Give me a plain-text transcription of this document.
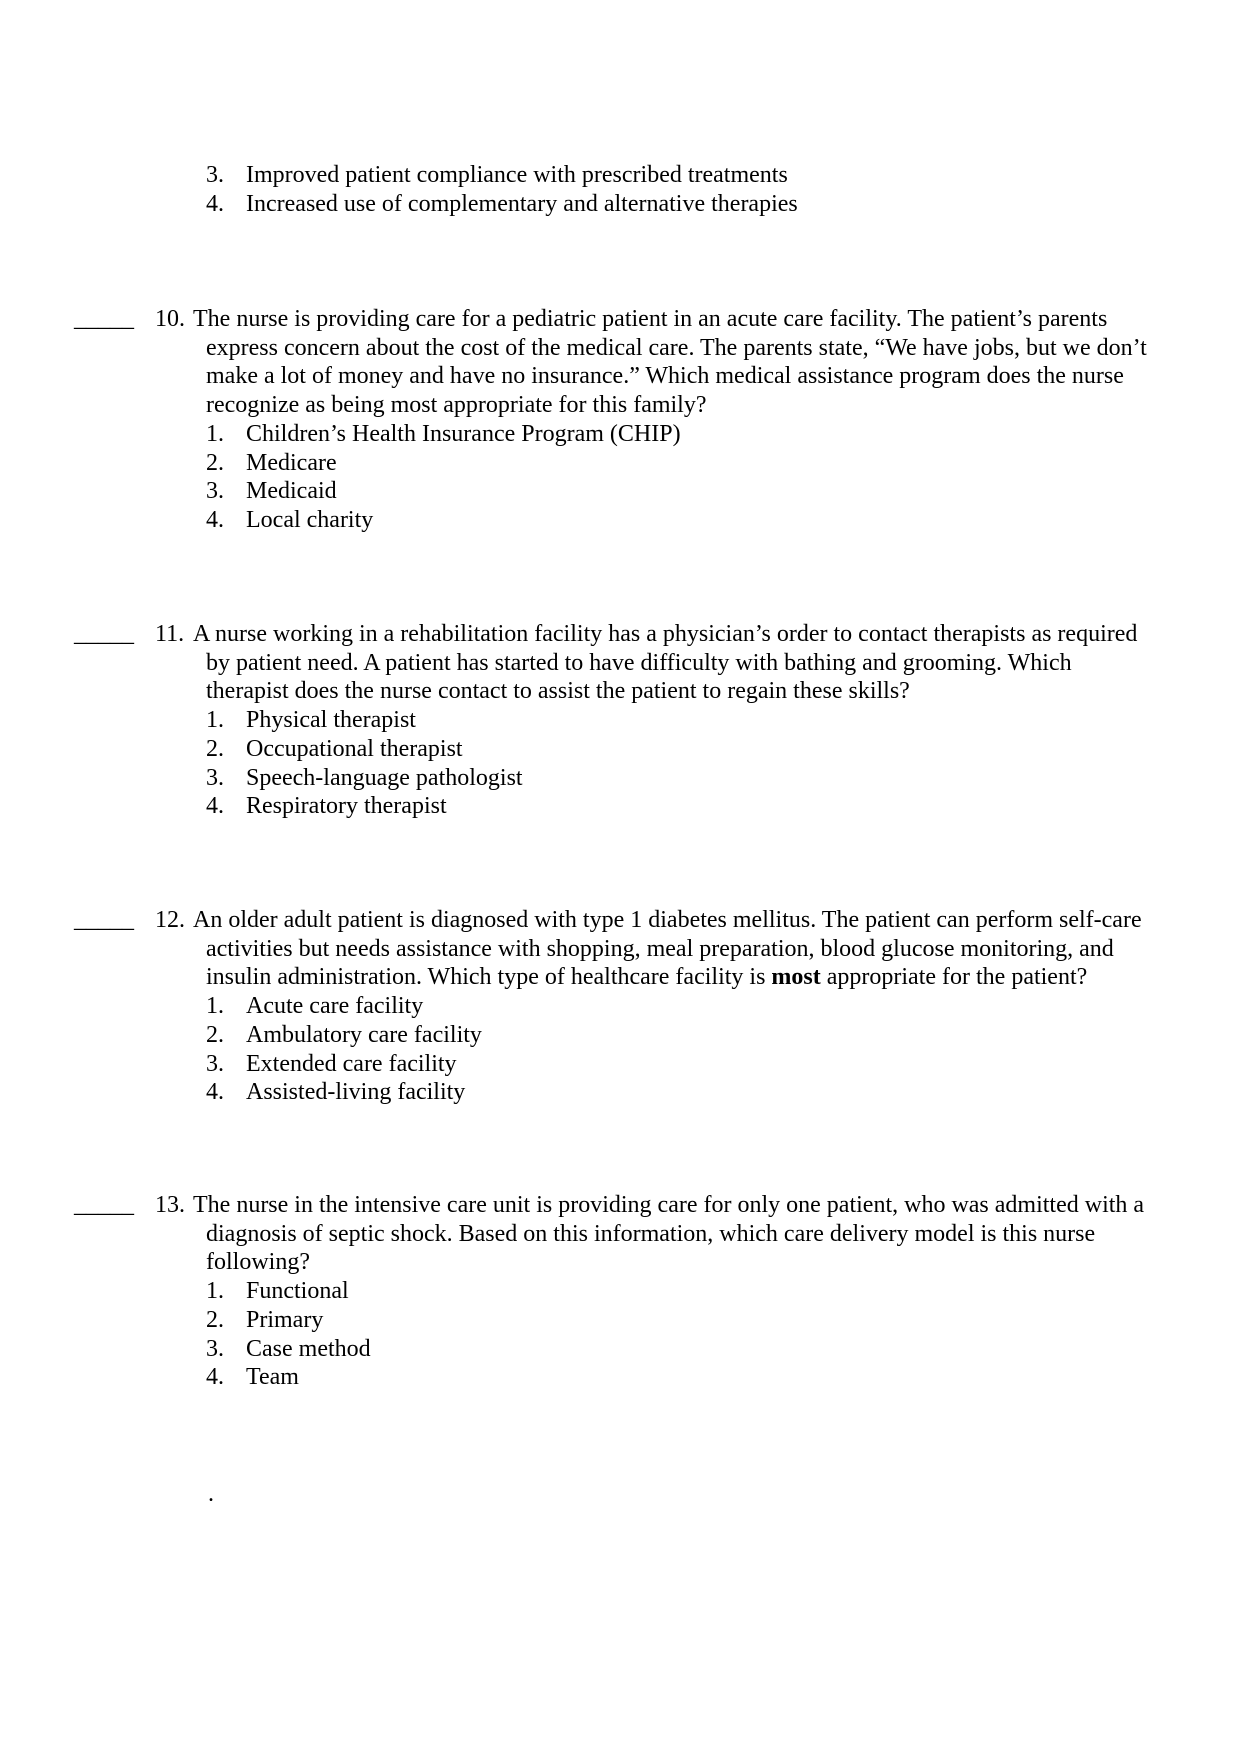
3. Improved patient compliance with prescribed treatments
4. Increased use of complementary and alternative therapies
_____ 10. The nurse is providing care for a pediatric patient in an acute care facility. The patient’s parents
express concern about the cost of the medical care. The parents state, “We have jobs, but we don’t
make a lot of money and have no insurance.” Which medical assistance program does the nurse
recognize as being most appropriate for this family?
1. Children’s Health Insurance Program (CHIP)
2. Medicare
3. Medicaid
4. Local charity
_____ 11. A nurse working in a rehabilitation facility has a physician’s order to contact therapists as required
by patient need. A patient has started to have difficulty with bathing and grooming. Which
therapist does the nurse contact to assist the patient to regain these skills?
1. Physical therapist
2. Occupational therapist
3. Speech-language pathologist
4. Respiratory therapist
_____ 12. An older adult patient is diagnosed with type 1 diabetes mellitus. The patient can perform self-care
activities but needs assistance with shopping, meal preparation, blood glucose monitoring, and
insulin administration. Which type of healthcare facility is most appropriate for the patient?
1. Acute care facility
2. Ambulatory care facility
3. Extended care facility
4. Assisted-living facility
_____ 13. The nurse in the intensive care unit is providing care for only one patient, who was admitted with a
diagnosis of septic shock. Based on this information, which care delivery model is this nurse
following?
1. Functional
2. Primary
3. Case method
4. Team
.
